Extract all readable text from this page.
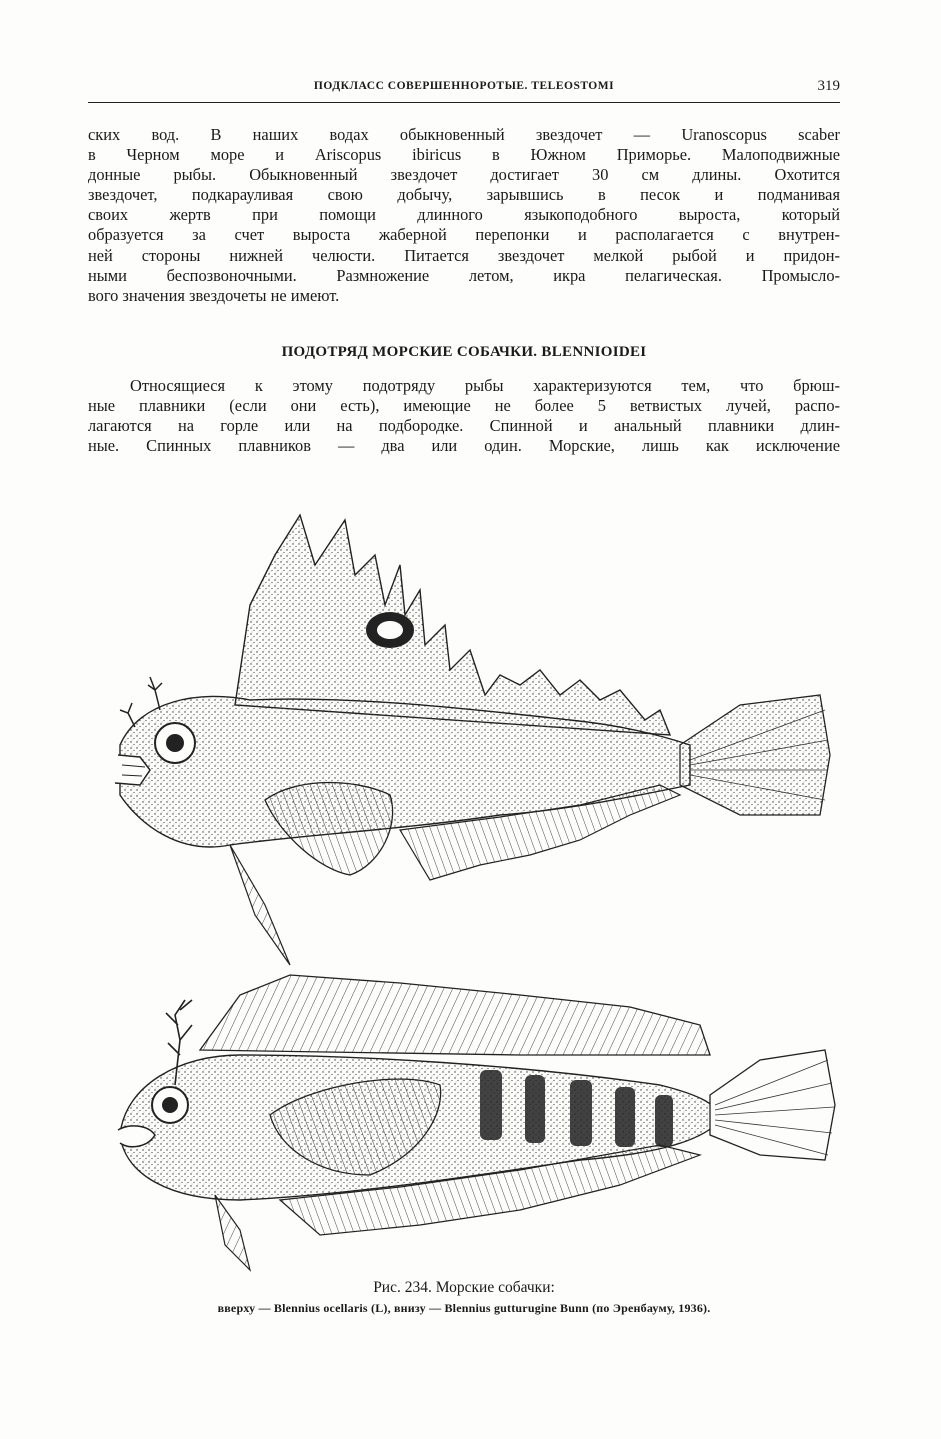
ПОДКЛАСС СОВЕРШЕННОРОТЫЕ. TELEOSTOMI	319
ских вод. В наших водах обыкновенный звездочет — Uranoscopus scaber
в Черном море и Ariscopus ibiricus в Южном Приморье. Малоподвижные
донные рыбы. Обыкновенный звездочет достигает 30 см длины. Охотится
звездочет, подкарауливая свою добычу, зарывшись в песок и подманивая
своих жертв при помощи длинного языкоподобного выроста, который
образуется за счет выроста жаберной перепонки и располагается с внутрен-
ней стороны нижней челюсти. Питается звездочет мелкой рыбой и придон-
ными беспозвоночными. Размножение летом, икра пелагическая. Промысло-
вого значения звездочеты не имеют.
ПОДОТРЯД МОРСКИЕ СОБАЧКИ. BLENNIOIDEI
Относящиеся к этому подотряду рыбы характеризуются тем, что брюш-
ные плавники (если они есть), имеющие не более 5 ветвистых лучей, распо-
лагаются на горле или на подбородке. Спинной и анальный плавники длин-
ные. Спинных плавников — два или один. Морские, лишь как исключение
Рис. 234. Морские собачки:
вверху — Blennius ocellaris (L), внизу — Blennius gutturugine Bunn (по Эренбауму, 1936).
